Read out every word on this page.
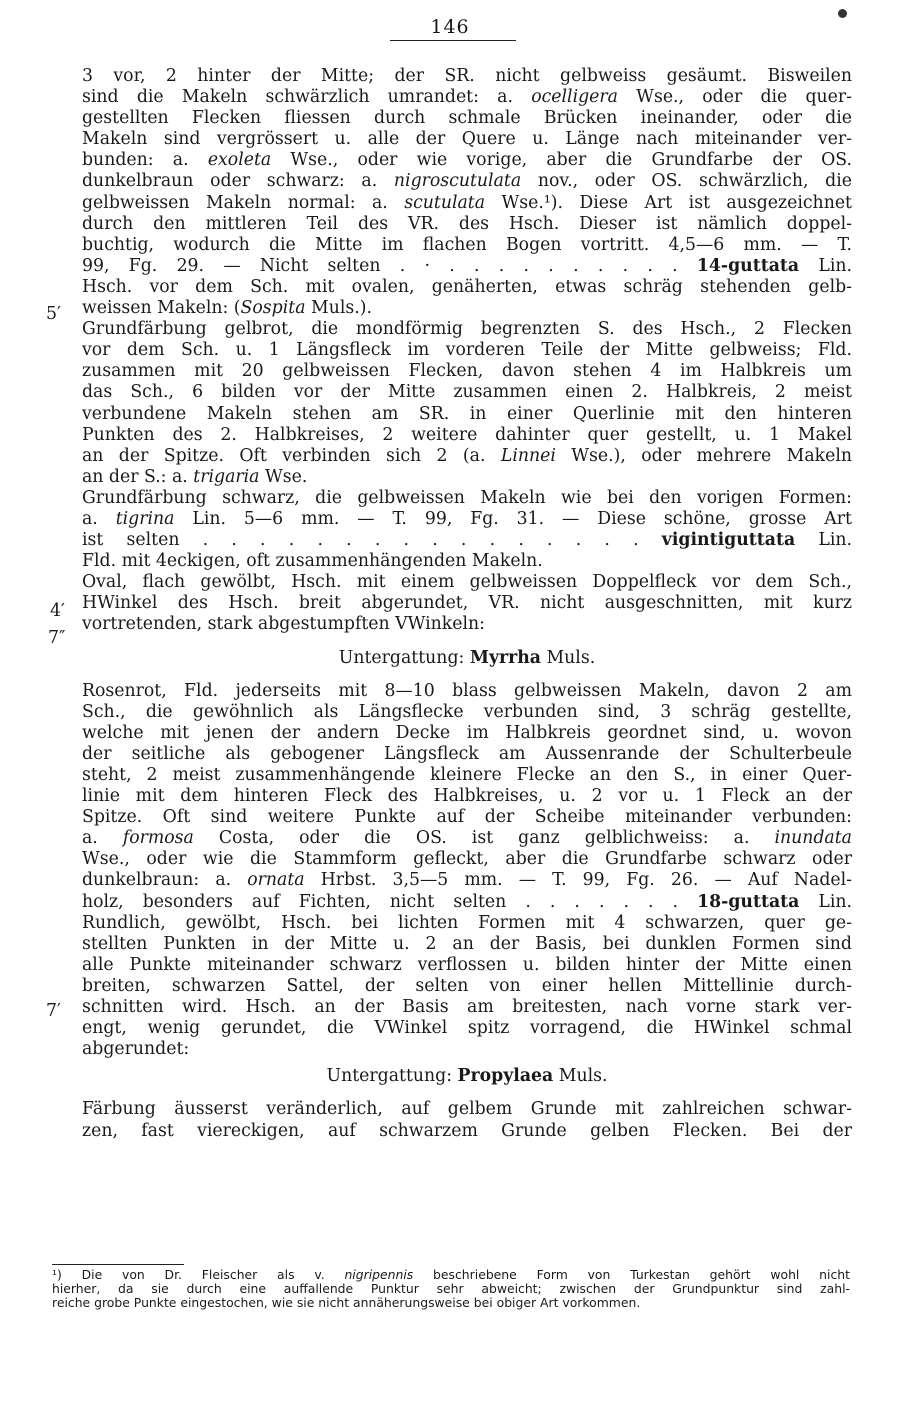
146
5′
4′
7″
7′
3 vor, 2 hinter der Mitte; der SR. nicht gelbweiss gesäumt. Bisweilen
sind die Makeln schwärzlich umrandet: a. ocelligera Wse., oder die quer-
gestellten Flecken fliessen durch schmale Brücken ineinander, oder die
Makeln sind vergrössert u. alle der Quere u. Länge nach miteinander ver-
bunden: a. exoleta Wse., oder wie vorige, aber die Grundfarbe der OS.
dunkelbraun oder schwarz: a. nigroscutulata nov., oder OS. schwärzlich, die
gelbweissen Makeln normal: a. scutulata Wse.¹). Diese Art ist ausgezeichnet
durch den mittleren Teil des VR. des Hsch. Dieser ist nämlich doppel-
buchtig, wodurch die Mitte im flachen Bogen vortritt. 4,5—6 mm. — T.
99, Fg. 29. — Nicht selten . · . . . . . . . . . . 14-guttata Lin.
Hsch. vor dem Sch. mit ovalen, genäherten, etwas schräg stehenden gelb-
weissen Makeln: (Sospita Muls.).
Grundfärbung gelbrot, die mondförmig begrenzten S. des Hsch., 2 Flecken
vor dem Sch. u. 1 Längsfleck im vorderen Teile der Mitte gelbweiss; Fld.
zusammen mit 20 gelbweissen Flecken, davon stehen 4 im Halbkreis um
das Sch., 6 bilden vor der Mitte zusammen einen 2. Halbkreis, 2 meist
verbundene Makeln stehen am SR. in einer Querlinie mit den hinteren
Punkten des 2. Halbkreises, 2 weitere dahinter quer gestellt, u. 1 Makel
an der Spitze. Oft verbinden sich 2 (a. Linnei Wse.), oder mehrere Makeln
an der S.: a. trigaria Wse.
Grundfärbung schwarz, die gelbweissen Makeln wie bei den vorigen Formen:
a. tigrina Lin. 5—6 mm. — T. 99, Fg. 31. — Diese schöne, grosse Art
ist selten . . . . . . . . . . . . . . . . vigintiguttata Lin.
Fld. mit 4eckigen, oft zusammenhängenden Makeln.
Oval, flach gewölbt, Hsch. mit einem gelbweissen Doppelfleck vor dem Sch.,
HWinkel des Hsch. breit abgerundet, VR. nicht ausgeschnitten, mit kurz
vortretenden, stark abgestumpften VWinkeln:
Untergattung: Myrrha Muls.
Rosenrot, Fld. jederseits mit 8—10 blass gelbweissen Makeln, davon 2 am
Sch., die gewöhnlich als Längsflecke verbunden sind, 3 schräg gestellte,
welche mit jenen der andern Decke im Halbkreis geordnet sind, u. wovon
der seitliche als gebogener Längsfleck am Aussenrande der Schulterbeule
steht, 2 meist zusammenhängende kleinere Flecke an den S., in einer Quer-
linie mit dem hinteren Fleck des Halbkreises, u. 2 vor u. 1 Fleck an der
Spitze. Oft sind weitere Punkte auf der Scheibe miteinander verbunden:
a. formosa Costa, oder die OS. ist ganz gelblichweiss: a. inundata
Wse., oder wie die Stammform gefleckt, aber die Grundfarbe schwarz oder
dunkelbraun: a. ornata Hrbst. 3,5—5 mm. — T. 99, Fg. 26. — Auf Nadel-
holz, besonders auf Fichten, nicht selten . . . . . . . 18-guttata Lin.
Rundlich, gewölbt, Hsch. bei lichten Formen mit 4 schwarzen, quer ge-
stellten Punkten in der Mitte u. 2 an der Basis, bei dunklen Formen sind
alle Punkte miteinander schwarz verflossen u. bilden hinter der Mitte einen
breiten, schwarzen Sattel, der selten von einer hellen Mittellinie durch-
schnitten wird. Hsch. an der Basis am breitesten, nach vorne stark ver-
engt, wenig gerundet, die VWinkel spitz vorragend, die HWinkel schmal
abgerundet:
Untergattung: Propylaea Muls.
Färbung äusserst veränderlich, auf gelbem Grunde mit zahlreichen schwar-
zen, fast viereckigen, auf schwarzem Grunde gelben Flecken. Bei der
¹) Die von Dr. Fleischer als v. nigripennis beschriebene Form von Turkestan gehört wohl nicht
hierher, da sie durch eine auffallende Punktur sehr abweicht; zwischen der Grundpunktur sind zahl-
reiche grobe Punkte eingestochen, wie sie nicht annäherungsweise bei obiger Art vorkommen.
